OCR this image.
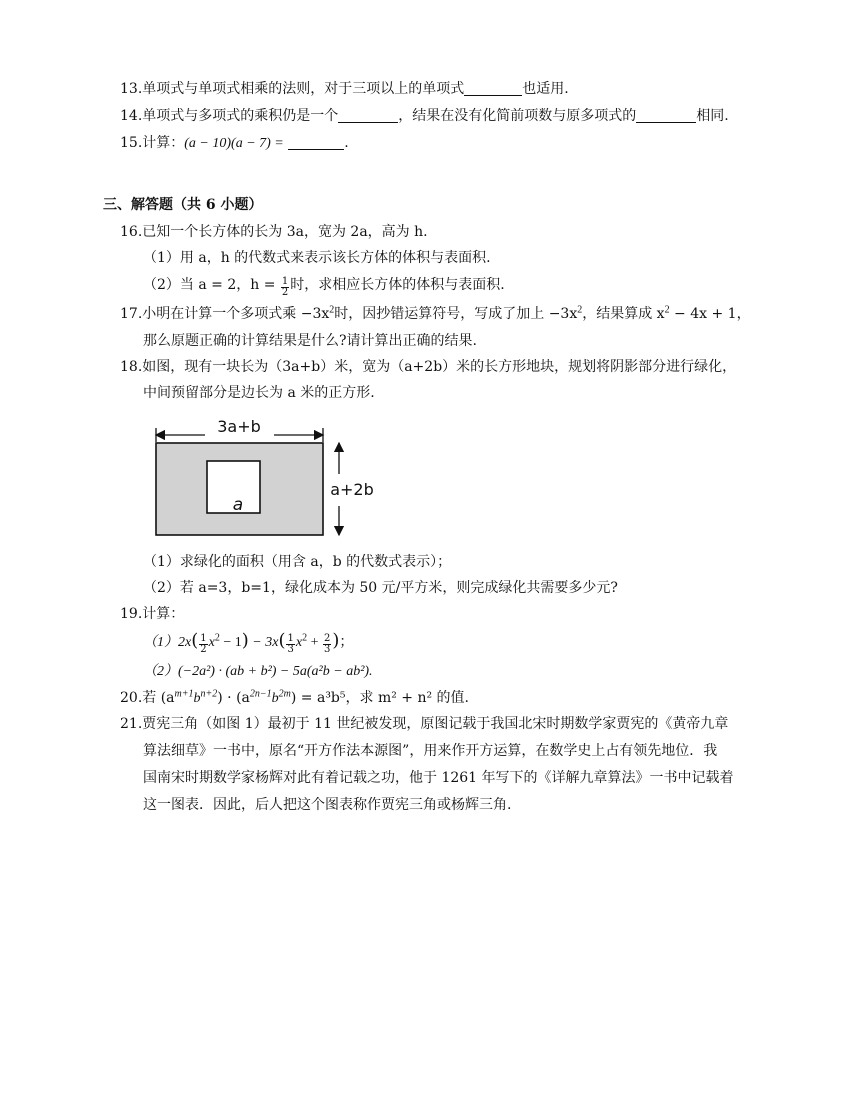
13.单项式与单项式相乘的法则，对于三项以上的单项式	也适用.
14.单项式与多项式的乘积仍是一个	，结果在没有化简前项数与原多项式的	相同.
15.计算：(a − 10)(a − 7) =	.
三、解答题（共 6 小题）
16.已知一个长方体的长为 3a，宽为 2a，高为 h.
（1）用 a，h 的代数式来表示该长方体的体积与表面积.
（2）当 a = 2，$h = \frac{1}{2}$ 时，求相应长方体的体积与表面积.
17.小明在计算一个多项式乘 $-3x^2$时，因抄错运算符号，写成了加上 $-3x^2$，结果算成 $x^2 - 4x + 1$，
那么原题正确的计算结果是什么?请计算出正确的结果.
18.如图，现有一块长为（3a+b）米，宽为（a+2b）米的长方形地块，规划将阴影部分进行绿化，
中间预留部分是边长为 a 米的正方形.
3a+b
a+2b
a
（1）求绿化的面积（用含 a，b 的代数式表示）；
（2）若 a=3，b=1，绿化成本为 50 元/平方米，则完成绿化共需要多少元?
19.计算：
$(1)2x( \frac{1}{2} x^2 - 1) - 3x( \frac{1}{3} x^2 + \frac{2}{3}$ )；
（2）(−2a²) · (ab + b²) − 5a(a²b − ab²).
20.若 $(a^{m+1}b^{n+2}) \cdot (a^{2n-1}b^{2m}) = a^3b^5$，求 m² + n² 的值.
21.贾宪三角（如图 1）最初于 11 世纪被发现，原图记载于我国北宋时期数学家贾宪的《黄帝九章
算法细草》一书中，原名“开方作法本源图”，用来作开方运算，在数学史上占有领先地位．我
国南宋时期数学家杨辉对此有着记载之功，他于 1261 年写下的《详解九章算法》一书中记载着
这一图表．因此，后人把这个图表称作贾宪三角或杨辉三角.
